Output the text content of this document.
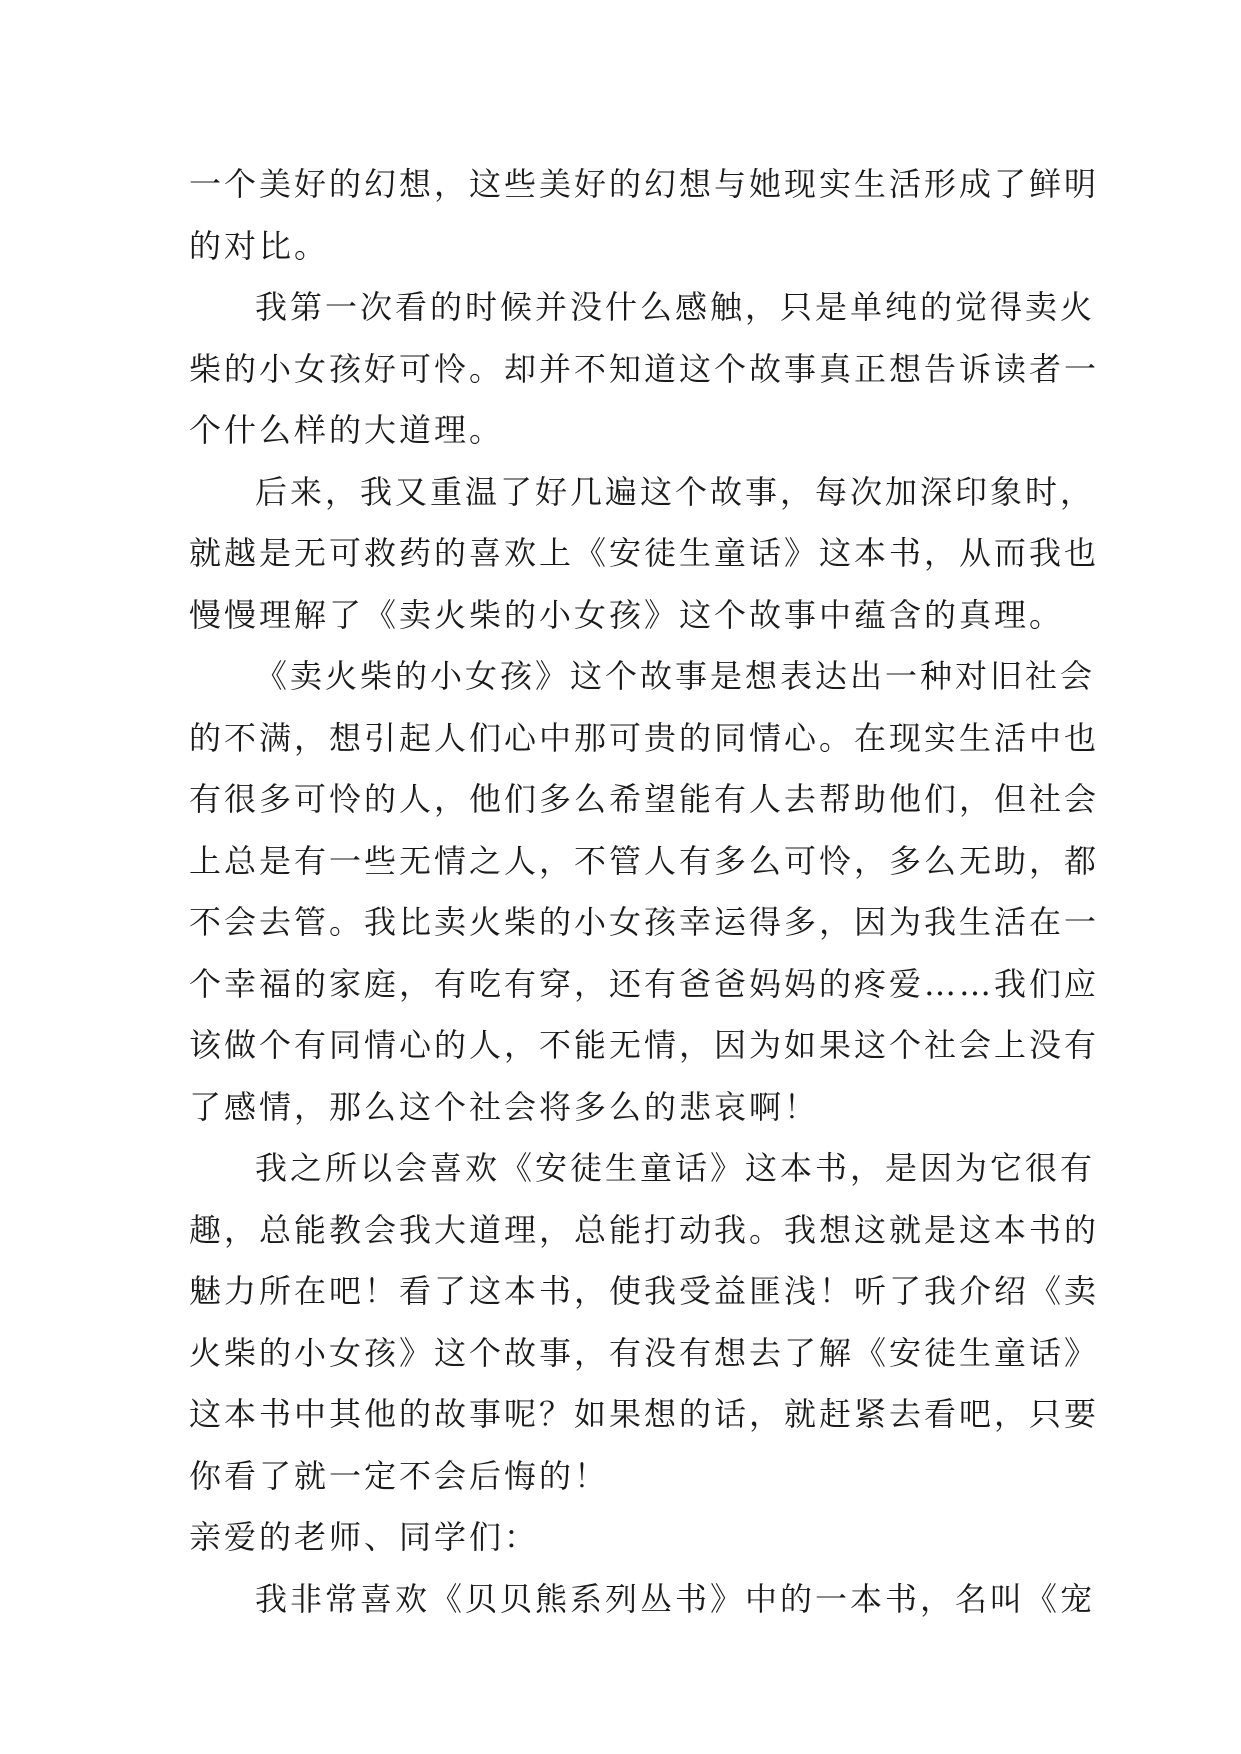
一个美好的幻想，这些美好的幻想与她现实生活形成了鲜明
的对比。
我第一次看的时候并没什么感触，只是单纯的觉得卖火
柴的小女孩好可怜。却并不知道这个故事真正想告诉读者一
个什么样的大道理。
后来，我又重温了好几遍这个故事，每次加深印象时，
就越是无可救药的喜欢上《安徒生童话》这本书，从而我也
慢慢理解了《卖火柴的小女孩》这个故事中蕴含的真理。
《卖火柴的小女孩》这个故事是想表达出一种对旧社会
的不满，想引起人们心中那可贵的同情心。在现实生活中也
有很多可怜的人，他们多么希望能有人去帮助他们，但社会
上总是有一些无情之人，不管人有多么可怜，多么无助，都
不会去管。我比卖火柴的小女孩幸运得多，因为我生活在一
个幸福的家庭，有吃有穿，还有爸爸妈妈的疼爱……我们应
该做个有同情心的人，不能无情，因为如果这个社会上没有
了感情，那么这个社会将多么的悲哀啊！
我之所以会喜欢《安徒生童话》这本书，是因为它很有
趣，总能教会我大道理，总能打动我。我想这就是这本书的
魅力所在吧！看了这本书，使我受益匪浅！听了我介绍《卖
火柴的小女孩》这个故事，有没有想去了解《安徒生童话》
这本书中其他的故事呢？如果想的话，就赶紧去看吧，只要
你看了就一定不会后悔的！
亲爱的老师、同学们：
我非常喜欢《贝贝熊系列丛书》中的一本书，名叫《宠
